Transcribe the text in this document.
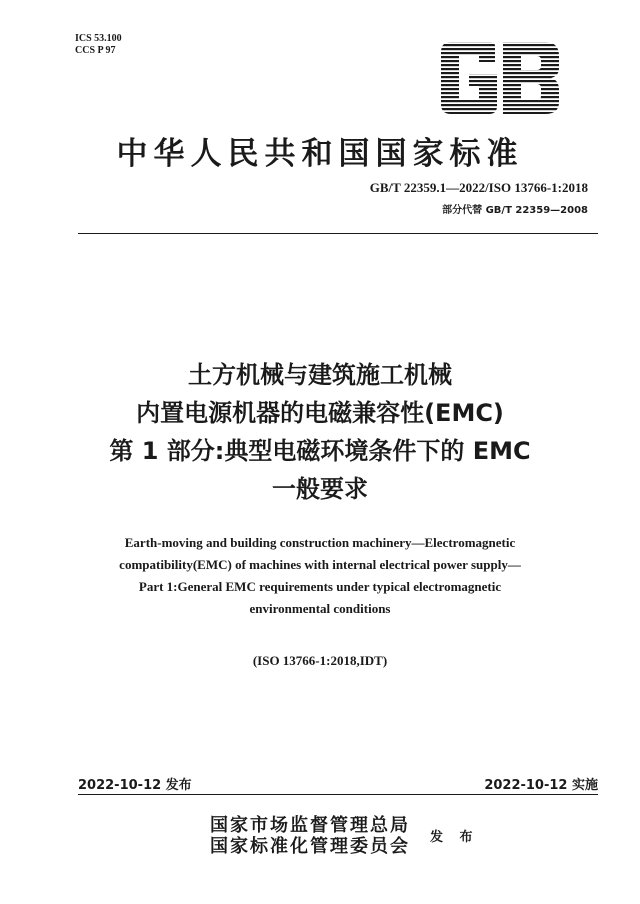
ICS 53.100
CCS P 97
中华人民共和国国家标准
GB/T 22359.1—2022/ISO 13766-1:2018
部分代替 GB/T 22359—2008
土方机械与建筑施工机械
内置电源机器的电磁兼容性(EMC)
第 1 部分:典型电磁环境条件下的 EMC
一般要求
Earth-moving and building construction machinery—Electromagnetic
compatibility(EMC) of machines with internal electrical power supply—
Part 1:General EMC requirements under typical electromagnetic
environmental conditions
(ISO 13766-1:2018,IDT)
2022-10-12 发布	2022-10-12 实施
国家市场监督管理总局
国家标准化管理委员会 发 布
